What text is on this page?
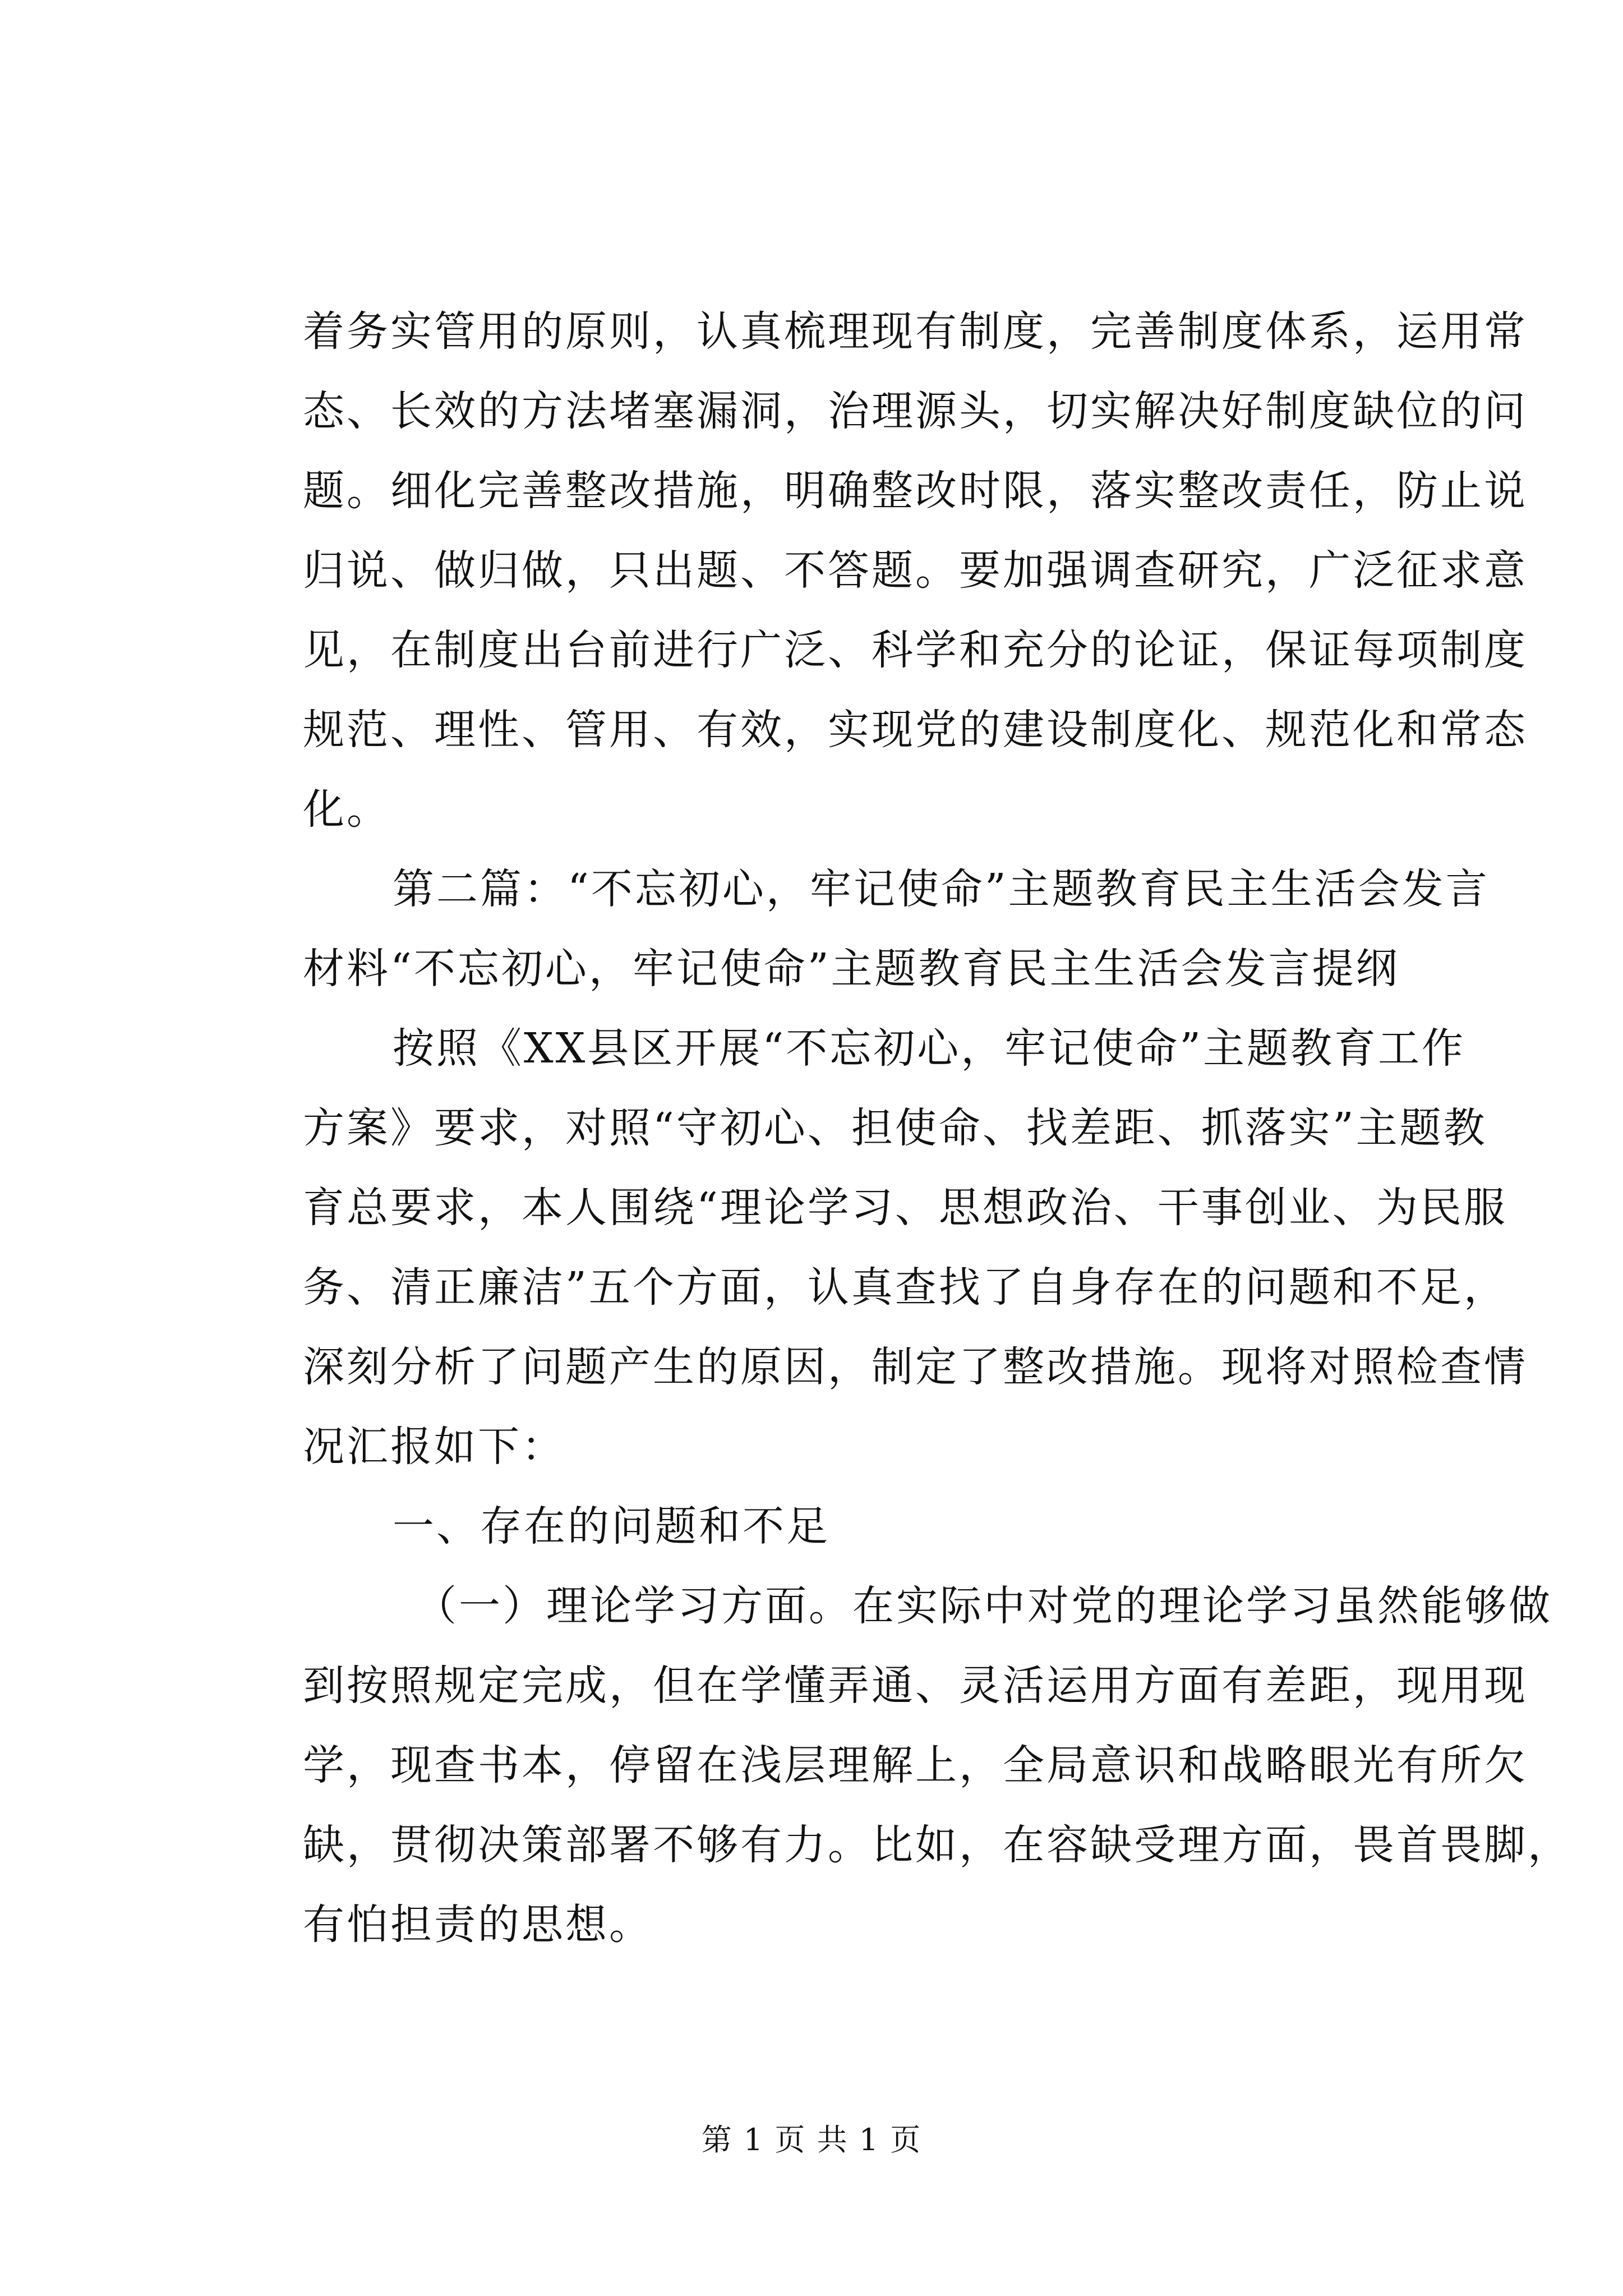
着务实管用的原则，认真梳理现有制度，完善制度体系，运用常
态、长效的方法堵塞漏洞，治理源头，切实解决好制度缺位的问
题。细化完善整改措施，明确整改时限，落实整改责任，防止说
归说、做归做，只出题、不答题。要加强调查研究，广泛征求意
见，在制度出台前进行广泛、科学和充分的论证，保证每项制度
规范、理性、管用、有效，实现党的建设制度化、规范化和常态
化。
第二篇：“不忘初心，牢记使命”主题教育民主生活会发言
材料“不忘初心，牢记使命”主题教育民主生活会发言提纲
按照《XX县区开展“不忘初心，牢记使命”主题教育工作
方案》要求，对照“守初心、担使命、找差距、抓落实”主题教
育总要求，本人围绕“理论学习、思想政治、干事创业、为民服
务、清正廉洁”五个方面，认真查找了自身存在的问题和不足，
深刻分析了问题产生的原因，制定了整改措施。现将对照检查情
况汇报如下：
一、存在的问题和不足
（一）理论学习方面。在实际中对党的理论学习虽然能够做
到按照规定完成，但在学懂弄通、灵活运用方面有差距，现用现
学，现查书本，停留在浅层理解上，全局意识和战略眼光有所欠
缺，贯彻决策部署不够有力。比如，在容缺受理方面，畏首畏脚，
有怕担责的思想。
第 1 页 共 1 页
